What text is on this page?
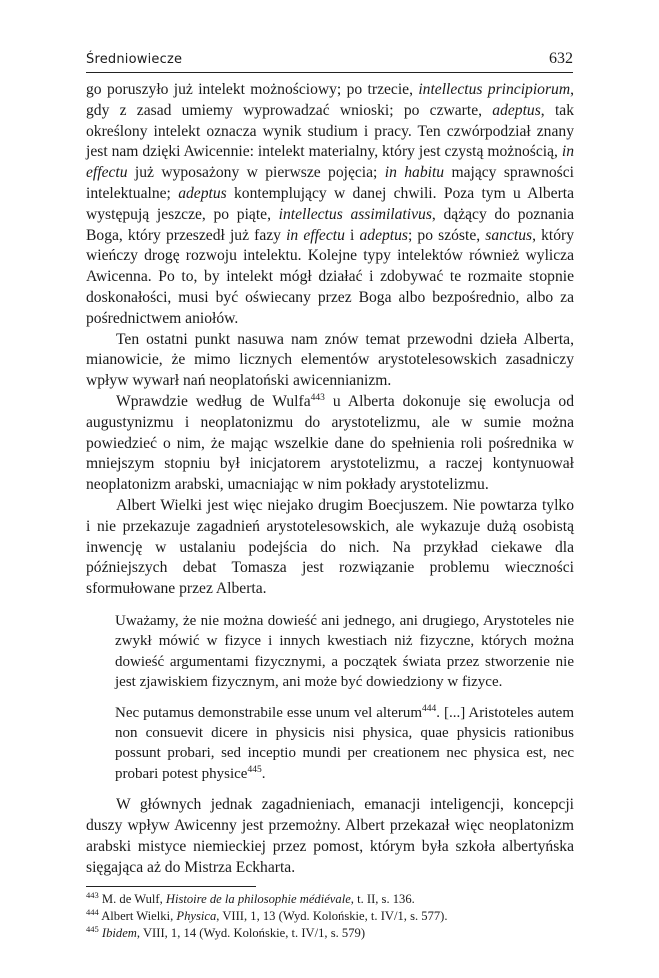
Średniowiecze	632

go poruszyło już intelekt możnościowy; po trzecie, intellectus principiorum, gdy z zasad umiemy wyprowadzać wnioski; po czwarte, adeptus, tak określony intelekt oznacza wynik studium i pracy. Ten czwórpodział znany jest nam dzięki Awicennie: intelekt materialny, który jest czystą możnością, in effectu już wyposażony w pierwsze pojęcia; in habitu mający sprawności intelektualne; adeptus kontemplujący w danej chwili. Poza tym u Alberta występują jeszcze, po piąte, intellectus assimilativus, dążący do poznania Boga, który przeszedł już fazy in effectu i adeptus; po szóste, sanctus, który wieńczy drogę rozwoju intelektu. Kolejne typy intelektów również wylicza Awicenna. Po to, by intelekt mógł działać i zdobywać te rozmaite stopnie doskonałości, musi być oświecany przez Boga albo bezpośrednio, albo za pośrednictwem aniołów.

Ten ostatni punkt nasuwa nam znów temat przewodni dzieła Alberta, mianowicie, że mimo licznych elementów arystotelesowskich zasadniczy wpływ wywarł nań neoplatoński awicennianizm.

Wprawdzie według de Wulfa$^{443}$ u Alberta dokonuje się ewolucja od augustynizmu i neoplatonizmu do arystotelizmu, ale w sumie można powiedzieć o nim, że mając wszelkie dane do spełnienia roli pośrednika w mniejszym stopniu był inicjatorem arystotelizmu, a raczej kontynuował neoplatonizm arabski, umacniając w nim pokłady arystotelizmu.

Albert Wielki jest więc niejako drugim Boecjuszem. Nie powtarza tylko i nie przekazuje zagadnień arystotelesowskich, ale wykazuje dużą osobistą inwencję w ustalaniu podejścia do nich. Na przykład ciekawe dla późniejszych debat Tomasza jest rozwiązanie problemu wieczności sformułowane przez Alberta.

Uważamy, że nie można dowieść ani jednego, ani drugiego, Arystoteles nie zwykł mówić w fizyce i innych kwestiach niż fizyczne, których można dowieść argumentami fizycznymi, a początek świata przez stworzenie nie jest zjawiskiem fizycznym, ani może być dowiedziony w fizyce.

Nec putamus demonstrabile esse unum vel alterum$^{444}$. [...] Aristoteles autem non consuevit dicere in physicis nisi physica, quae physicis rationibus possunt probari, sed inceptio mundi per creationem nec physica est, nec probari potest physice$^{445}$.

W głównych jednak zagadnieniach, emanacji inteligencji, koncepcji duszy wpływ Awicenny jest przemożny. Albert przekazał więc neoplatonizm arabski mistyce niemieckiej przez pomost, którym była szkoła albertyńska sięgająca aż do Mistrza Eckharta.

$^{443}$ M. de Wulf, Histoire de la philosophie médiévale, t. II, s. 136.
$^{444}$ Albert Wielki, Physica, VIII, 1, 13 (Wyd. Kolońskie, t. IV/1, s. 577).
$^{445}$ Ibidem, VIII, 1, 14 (Wyd. Kolońskie, t. IV/1, s. 579)
